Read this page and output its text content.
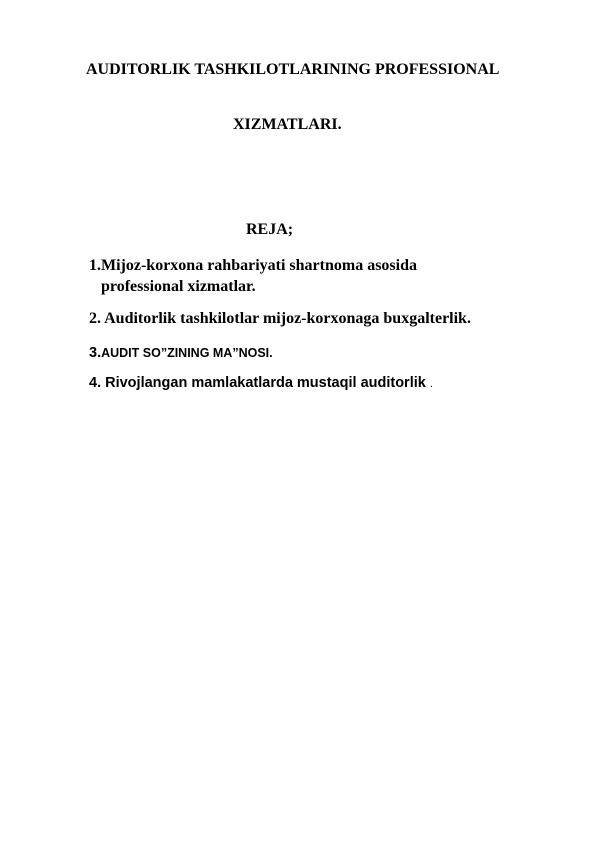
AUDITORLIK TASHKILOTLARINING PROFESSIONAL
XIZMATLARI.
REJA;
1.Mijoz-korxona rahbariyati shartnoma asosida
professional xizmatlar.
2. Auditorlik tashkilotlar mijoz-korxonaga buxgalterlik.
3.AUDIT SO”ZINING MA”NOSI.
4. Rivojlangan mamlakatlarda mustaqil auditorlik .
